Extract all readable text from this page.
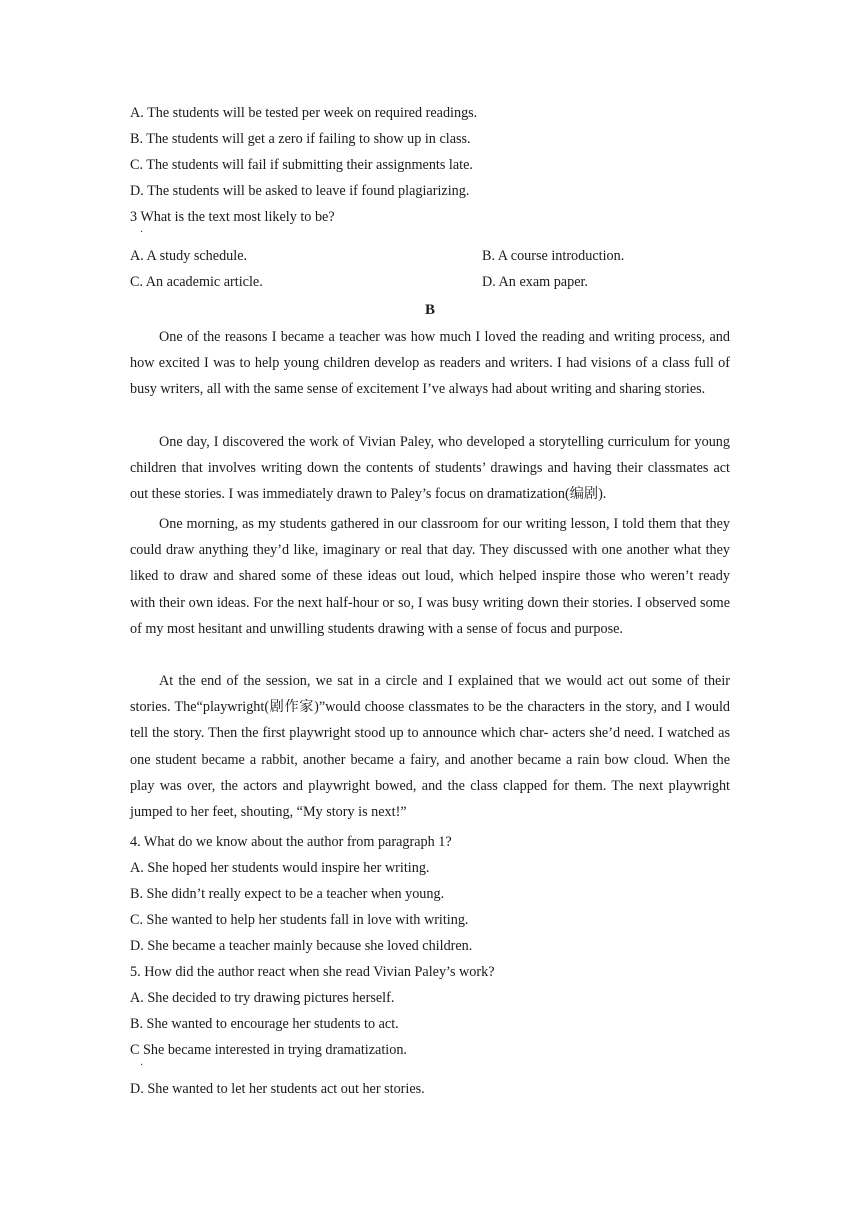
A. The students will be tested per week on required readings.
B. The students will get a zero if failing to show up in class.
C. The students will fail if submitting their assignments late.
D. The students will be asked to leave if found plagiarizing.
3 What is the text most likely to be?
·
A. A study schedule.	B. A course introduction.
C. An academic article.	D. An exam paper.
B

One of the reasons I became a teacher was how much I loved the reading and writing process, and how excited I was to help young children develop as readers and writers. I had visions of a class full of busy writers, all with the same sense of excitement I’ve always had about writing and sharing stories.

One day, I discovered the work of Vivian Paley, who developed a storytelling curriculum for young children that involves writing down the contents of students’ drawings and having their classmates act out these stories. I was immediately drawn to Paley’s focus on dramatization(编剧).

One morning, as my students gathered in our classroom for our writing lesson, I told them that they could draw anything they’d like, imaginary or real that day. They discussed with one another what they liked to draw and shared some of these ideas out loud, which helped inspire those who weren’t ready with their own ideas. For the next half-hour or so, I was busy writing down their stories. I observed some of my most hesitant and unwilling students drawing with a sense of focus and purpose.

At the end of the session, we sat in a circle and I explained that we would act out some of their stories. The“playwright(剧作家)”would choose classmates to be the characters in the story, and I would tell the story. Then the first playwright stood up to announce which char- acters she’d need. I watched as one student became a rabbit, another became a fairy, and another became a rain bow cloud. When the play was over, the actors and playwright bowed, and the class clapped for them. The next playwright jumped to her feet, shouting, “My story is next!”

4. What do we know about the author from paragraph 1?
A. She hoped her students would inspire her writing.
B. She didn’t really expect to be a teacher when young.
C. She wanted to help her students fall in love with writing.
D. She became a teacher mainly because she loved children.
5. How did the author react when she read Vivian Paley’s work?
A. She decided to try drawing pictures herself.
B. She wanted to encourage her students to act.
C She became interested in trying dramatization.
·
D. She wanted to let her students act out her stories.
